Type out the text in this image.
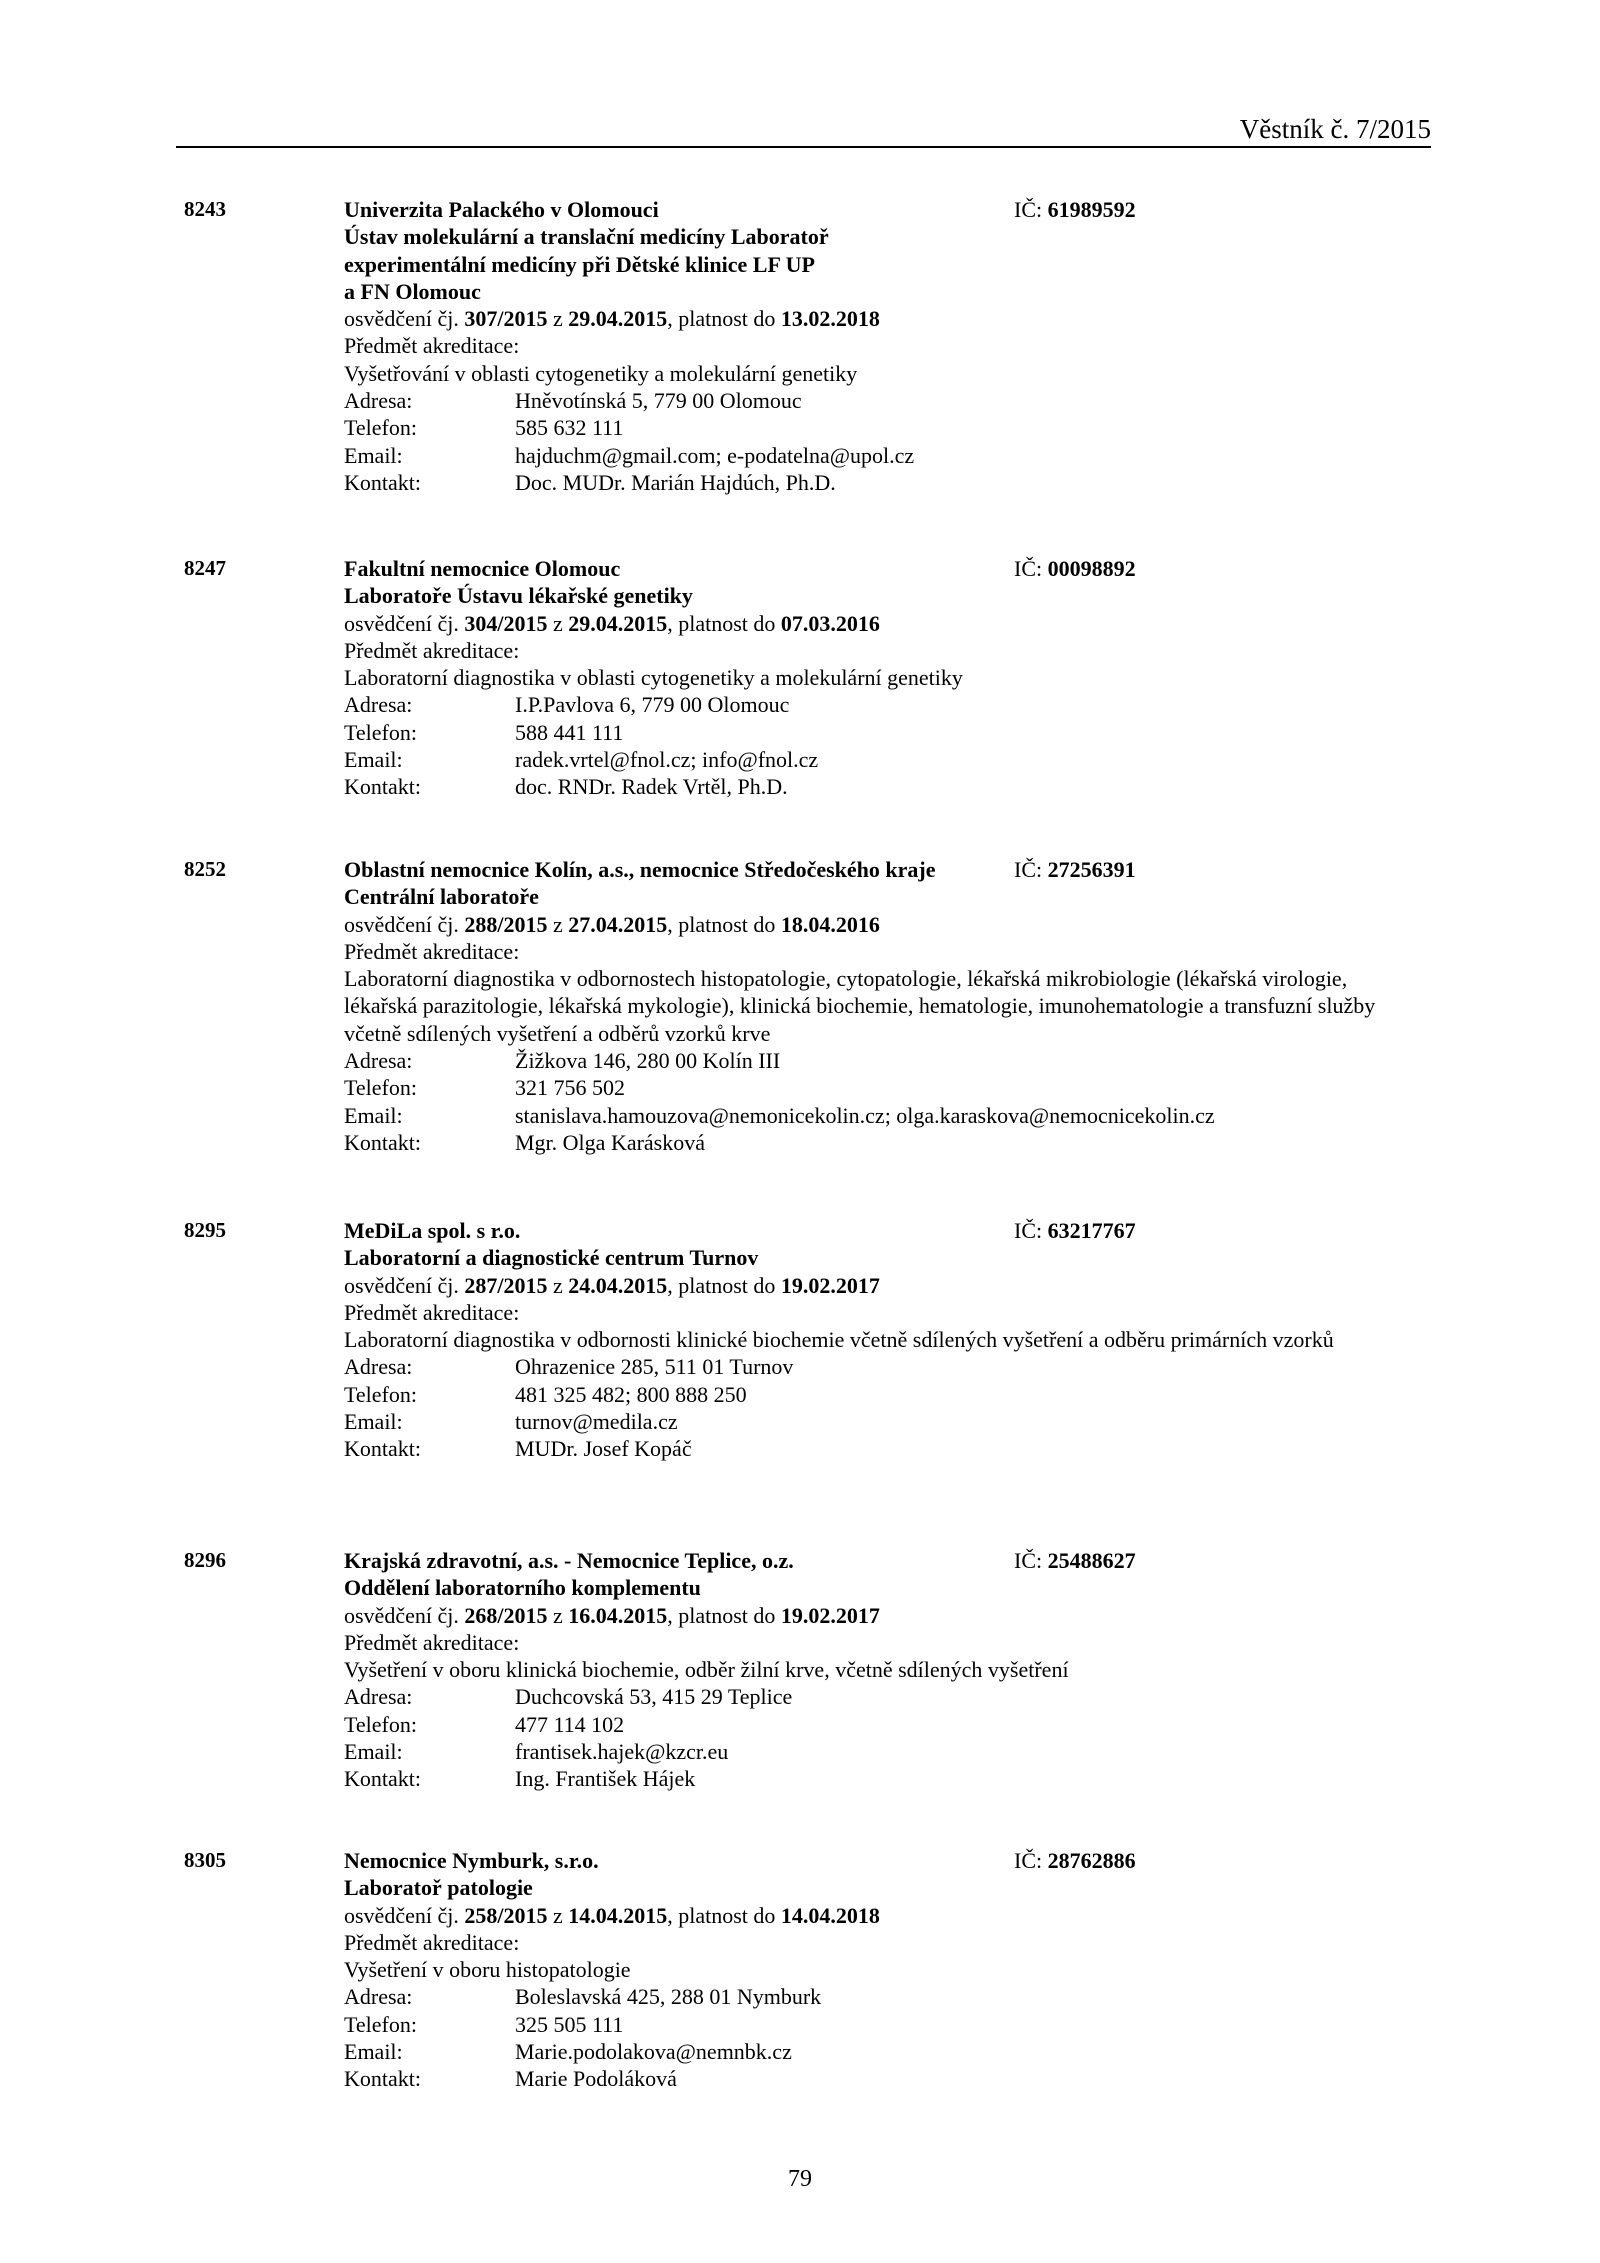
Věstník č. 7/2015
8243	Univerzita Palackého v Olomouci	IČ: 61989592
Ústav molekulární a translační medicíny Laboratoř
experimentální medicíny při Dětské klinice LF UP
a FN Olomouc
osvědčení čj. 307/2015 z 29.04.2015, platnost do 13.02.2018
Předmět akreditace:
Vyšetřování v oblasti cytogenetiky a molekulární genetiky
Adresa:	Hněvotínská 5, 779 00 Olomouc
Telefon:	585 632 111
Email:	hajduchm@gmail.com; e-podatelna@upol.cz
Kontakt:	Doc. MUDr. Marián Hajdúch, Ph.D.
8247	Fakultní nemocnice Olomouc	IČ: 00098892
Laboratoře Ústavu lékařské genetiky
osvědčení čj. 304/2015 z 29.04.2015, platnost do 07.03.2016
Předmět akreditace:
Laboratorní diagnostika v oblasti cytogenetiky a molekulární genetiky
Adresa:	I.P.Pavlova 6, 779 00 Olomouc
Telefon:	588 441 111
Email:	radek.vrtel@fnol.cz; info@fnol.cz
Kontakt:	doc. RNDr. Radek Vrtěl, Ph.D.
8252	Oblastní nemocnice Kolín, a.s., nemocnice Středočeského kraje	IČ: 27256391
Centrální laboratoře
osvědčení čj. 288/2015 z 27.04.2015, platnost do 18.04.2016
Předmět akreditace:
Laboratorní diagnostika v odbornostech histopatologie, cytopatologie, lékařská mikrobiologie (lékařská virologie, lékařská parazitologie, lékařská mykologie), klinická biochemie, hematologie, imunohematologie a transfuzní služby včetně sdílených vyšetření a odběrů vzorků krve
Adresa:	Žižkova 146, 280 00 Kolín III
Telefon:	321 756 502
Email:	stanislava.hamouzova@nemonicekolin.cz; olga.karaskova@nemocnicekolin.cz
Kontakt:	Mgr. Olga Karásková
8295	MeDiLa spol. s r.o.	IČ: 63217767
Laboratorní a diagnostické centrum Turnov
osvědčení čj. 287/2015 z 24.04.2015, platnost do 19.02.2017
Předmět akreditace:
Laboratorní diagnostika v odbornosti klinické biochemie včetně sdílených vyšetření a odběru primárních vzorků
Adresa:	Ohrazenice 285, 511 01 Turnov
Telefon:	481 325 482; 800 888 250
Email:	turnov@medila.cz
Kontakt:	MUDr. Josef Kopáč
8296	Krajská zdravotní, a.s. - Nemocnice Teplice, o.z.	IČ: 25488627
Oddělení laboratorního komplementu
osvědčení čj. 268/2015 z 16.04.2015, platnost do 19.02.2017
Předmět akreditace:
Vyšetření v oboru klinická biochemie, odběr žilní krve, včetně sdílených vyšetření
Adresa:	Duchcovská 53, 415 29 Teplice
Telefon:	477 114 102
Email:	frantisek.hajek@kzcr.eu
Kontakt:	Ing. František Hájek
8305	Nemocnice Nymburk, s.r.o.	IČ: 28762886
Laboratoř patologie
osvědčení čj. 258/2015 z 14.04.2015, platnost do 14.04.2018
Předmět akreditace:
Vyšetření v oboru histopatologie
Adresa:	Boleslavská 425, 288 01 Nymburk
Telefon:	325 505 111
Email:	Marie.podolakova@nemnbk.cz
Kontakt:	Marie Podoláková
79
